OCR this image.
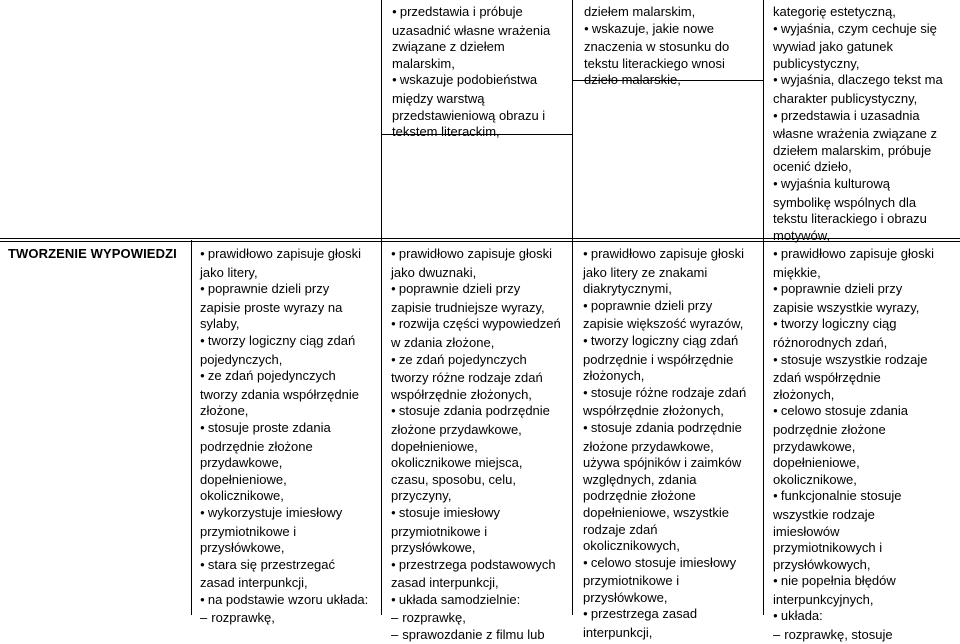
● przedstawia i próbuje

uzasadnić własne wrażenia

związane z dziełem

malarskim,

● wskazuje podobieństwa

między warstwą

przedstawieniową obrazu i

tekstem literackim,

dziełem malarskim,

● wskazuje, jakie nowe

znaczenia w stosunku do

tekstu literackiego wnosi

dzieło malarskie,

kategorię estetyczną,

● wyjaśnia, czym cechuje się

wywiad jako gatunek

publicystyczny,

● wyjaśnia, dlaczego tekst ma

charakter publicystyczny,

● przedstawia i uzasadnia

własne wrażenia związane z

dziełem malarskim, próbuje

ocenić dzieło,

● wyjaśnia kulturową

symbolikę wspólnych dla

tekstu literackiego i obrazu

motywów,

TWORZENIE WYPOWIEDZI

●	prawidłowo zapisuje głoski

jako litery,

● poprawnie dzieli przy

zapisie proste wyrazy na

sylaby,

● tworzy logiczny ciąg zdań

pojedynczych,

● ze zdań pojedynczych

tworzy zdania współrzędnie

złożone,

● stosuje proste zdania

podrzędnie złożone

przydawkowe,

dopełnieniowe,

okolicznikowe,

● wykorzystuje imiesłowy

przymiotnikowe i

przysłówkowe,

● stara się przestrzegać

zasad interpunkcji,

● na podstawie wzoru układa:

– rozprawkę,

● prawidłowo zapisuje głoski

jako dwuznaki,

● poprawnie dzieli przy

zapisie trudniejsze wyrazy,

● rozwija części wypowiedzeń

w zdania złożone,

● ze zdań pojedynczych

tworzy różne rodzaje zdań

współrzędnie złożonych,

● stosuje zdania podrzędnie

złożone przydawkowe,

dopełnieniowe,

okolicznikowe miejsca,

czasu, sposobu, celu,

przyczyny,

● stosuje imiesłowy

przymiotnikowe i

przysłówkowe,

● przestrzega podstawowych

zasad interpunkcji,

● układa samodzielnie:

– rozprawkę,

– sprawozdanie z filmu lub

● prawidłowo zapisuje głoski

jako litery ze znakami

diakrytycznymi,

● poprawnie dzieli przy

zapisie większość wyrazów,

● tworzy logiczny ciąg zdań

podrzędnie i współrzędnie

złożonych,

● stosuje różne rodzaje zdań

współrzędnie złożonych,

● stosuje zdania podrzędnie

złożone przydawkowe,

używa spójników i zaimków

względnych, zdania

podrzędnie złożone

dopełnieniowe, wszystkie

rodzaje zdań

okolicznikowych,

● celowo stosuje imiesłowy

przymiotnikowe i

przysłówkowe,

● przestrzega zasad

interpunkcji,

● prawidłowo zapisuje głoski

miękkie,

● poprawnie dzieli przy

zapisie wszystkie wyrazy,

● tworzy logiczny ciąg

różnorodnych zdań,

● stosuje wszystkie rodzaje

zdań współrzędnie

złożonych,

● celowo stosuje zdania

podrzędnie złożone

przydawkowe,

dopełnieniowe,

okolicznikowe,

● funkcjonalnie stosuje

wszystkie rodzaje

imiesłowów

przymiotnikowych i

przysłówkowych,

● nie popełnia błędów

interpunkcyjnych,

● układa:

– rozprawkę, stosuje
